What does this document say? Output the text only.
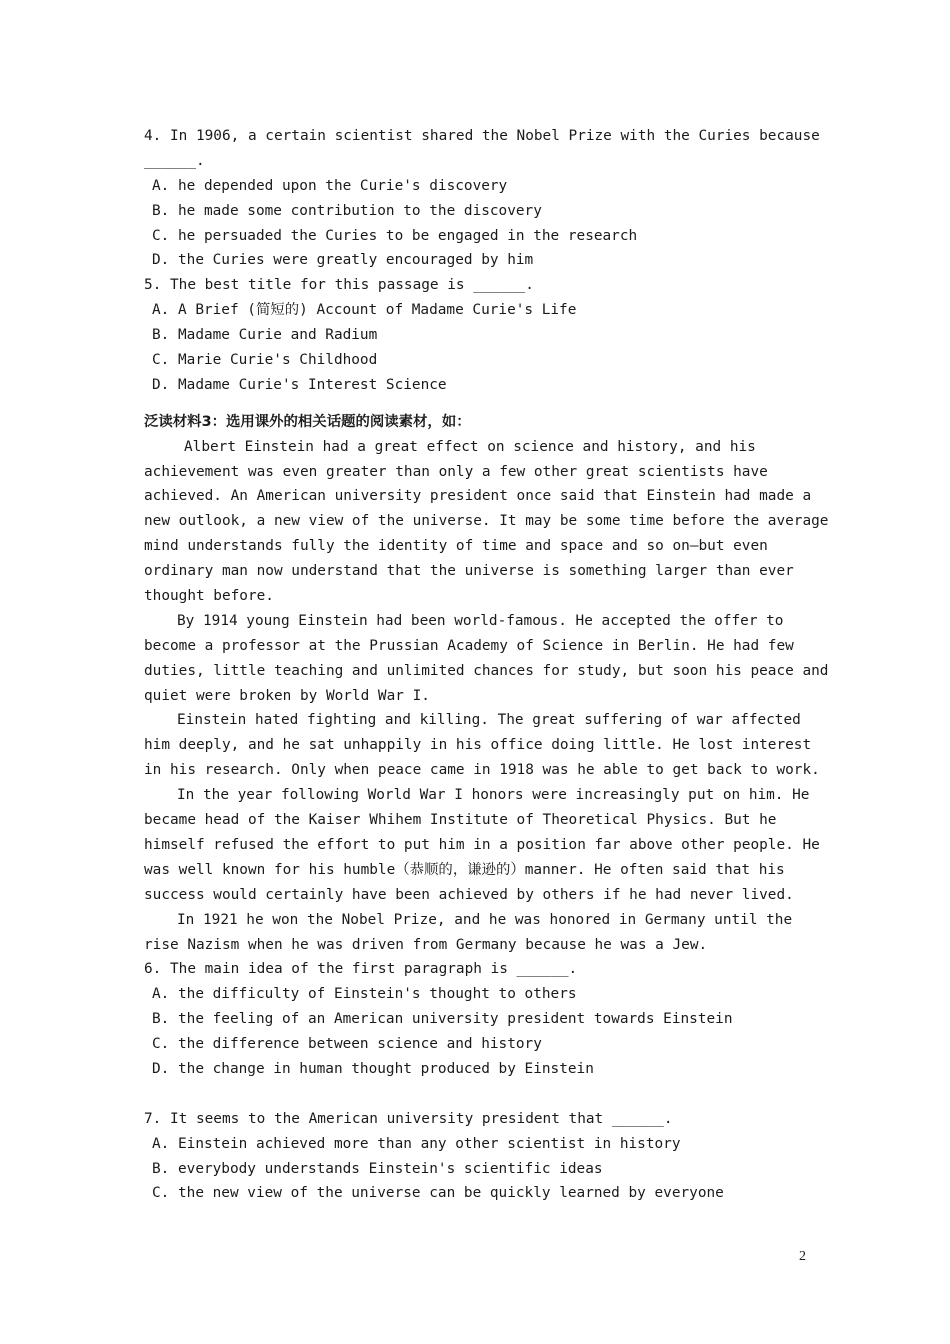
4. In 1906, a certain scientist shared the Nobel Prize with the Curies because
______.
A. he depended upon the Curie's discovery
B. he made some contribution to the discovery
C. he persuaded the Curies to be engaged in the research
D. the Curies were greatly encouraged by him
5. The best title for this passage is ______.
A. A Brief (简短的) Account of Madame Curie's Life
B. Madame Curie and Radium
C. Marie Curie's Childhood
D. Madame Curie's Interest Science
泛读材料3：选用课外的相关话题的阅读素材，如：
Albert Einstein had a great effect on science and history, and his
achievement was even greater than only a few other great scientists have
achieved. An American university president once said that Einstein had made a
new outlook, a new view of the universe. It may be some time before the average
mind understands fully the identity of time and space and so on—but even
ordinary man now understand that the universe is something larger than ever
thought before.
By 1914 young Einstein had been world-famous. He accepted the offer to
become a professor at the Prussian Academy of Science in Berlin. He had few
duties, little teaching and unlimited chances for study, but soon his peace and
quiet were broken by World War I.
Einstein hated fighting and killing. The great suffering of war affected
him deeply, and he sat unhappily in his office doing little. He lost interest
in his research. Only when peace came in 1918 was he able to get back to work.
In the year following World War I honors were increasingly put on him. He
became head of the Kaiser Whihem Institute of Theoretical Physics. But he
himself refused the effort to put him in a position far above other people. He
was well known for his humble（恭顺的，谦逊的）manner. He often said that his
success would certainly have been achieved by others if he had never lived.
In 1921 he won the Nobel Prize, and he was honored in Germany until the
rise Nazism when he was driven from Germany because he was a Jew.
6. The main idea of the first paragraph is ______.
A. the difficulty of Einstein's thought to others
B. the feeling of an American university president towards Einstein
C. the difference between science and history
D. the change in human thought produced by Einstein
7. It seems to the American university president that ______.
A. Einstein achieved more than any other scientist in history
B. everybody understands Einstein's scientific ideas
C. the new view of the universe can be quickly learned by everyone
2
